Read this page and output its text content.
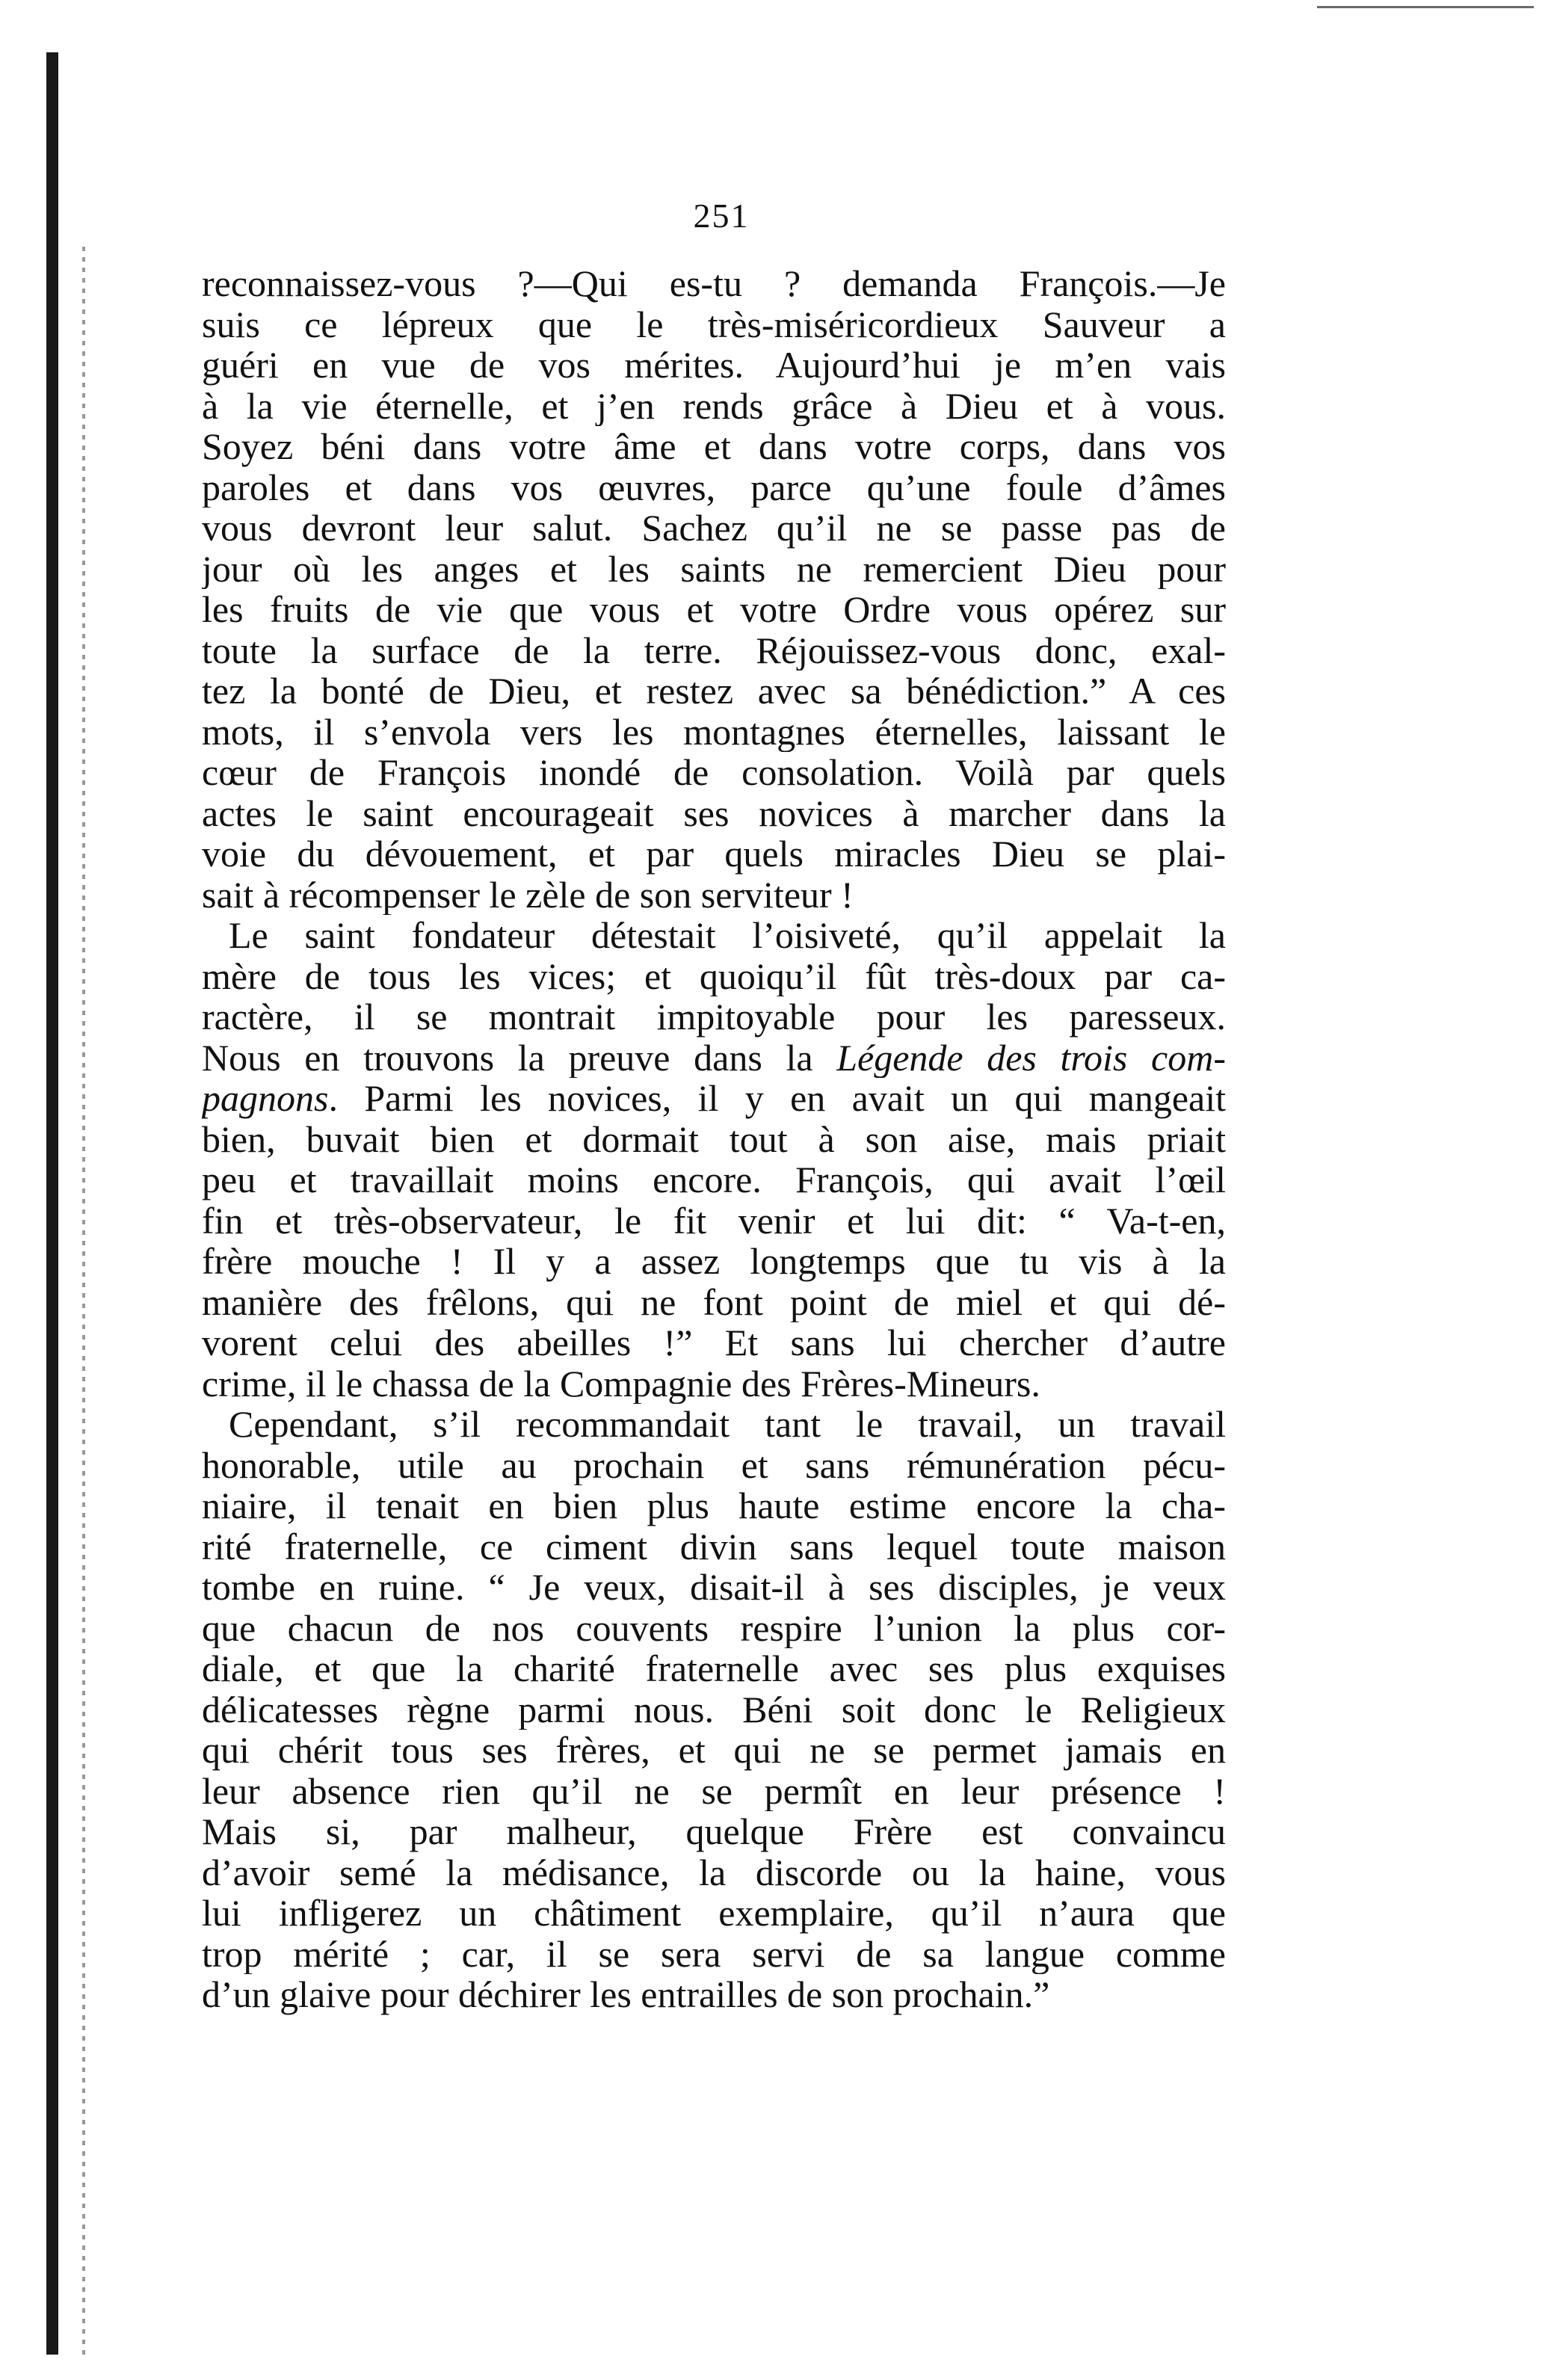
251
reconnaissez-vous ?—Qui es-tu ? demanda François.—Je
suis ce lépreux que le très-miséricordieux Sauveur a
guéri en vue de vos mérites. Aujourd’hui je m’en vais
à la vie éternelle, et j’en rends grâce à Dieu et à vous.
Soyez béni dans votre âme et dans votre corps, dans vos
paroles et dans vos œuvres, parce qu’une foule d’âmes
vous devront leur salut. Sachez qu’il ne se passe pas de
jour où les anges et les saints ne remercient Dieu pour
les fruits de vie que vous et votre Ordre vous opérez sur
toute la surface de la terre. Réjouissez-vous donc, exal-
tez la bonté de Dieu, et restez avec sa bénédiction.” A ces
mots, il s’envola vers les montagnes éternelles, laissant le
cœur de François inondé de consolation. Voilà par quels
actes le saint encourageait ses novices à marcher dans la
voie du dévouement, et par quels miracles Dieu se plai-
sait à récompenser le zèle de son serviteur !
Le saint fondateur détestait l’oisiveté, qu’il appelait la
mère de tous les vices; et quoiqu’il fût très-doux par ca-
ractère, il se montrait impitoyable pour les paresseux.
Nous en trouvons la preuve dans la Légende des trois com-
pagnons. Parmi les novices, il y en avait un qui mangeait
bien, buvait bien et dormait tout à son aise, mais priait
peu et travaillait moins encore. François, qui avait l’œil
fin et très-observateur, le fit venir et lui dit: “ Va-t-en,
frère mouche ! Il y a assez longtemps que tu vis à la
manière des frêlons, qui ne font point de miel et qui dé-
vorent celui des abeilles !” Et sans lui chercher d’autre
crime, il le chassa de la Compagnie des Frères-Mineurs.
Cependant, s’il recommandait tant le travail, un travail
honorable, utile au prochain et sans rémunération pécu-
niaire, il tenait en bien plus haute estime encore la cha-
rité fraternelle, ce ciment divin sans lequel toute maison
tombe en ruine. “ Je veux, disait-il à ses disciples, je veux
que chacun de nos couvents respire l’union la plus cor-
diale, et que la charité fraternelle avec ses plus exquises
délicatesses règne parmi nous. Béni soit donc le Religieux
qui chérit tous ses frères, et qui ne se permet jamais en
leur absence rien qu’il ne se permît en leur présence !
Mais si, par malheur, quelque Frère est convaincu
d’avoir semé la médisance, la discorde ou la haine, vous
lui infligerez un châtiment exemplaire, qu’il n’aura que
trop mérité ; car, il se sera servi de sa langue comme
d’un glaive pour déchirer les entrailles de son prochain.”
